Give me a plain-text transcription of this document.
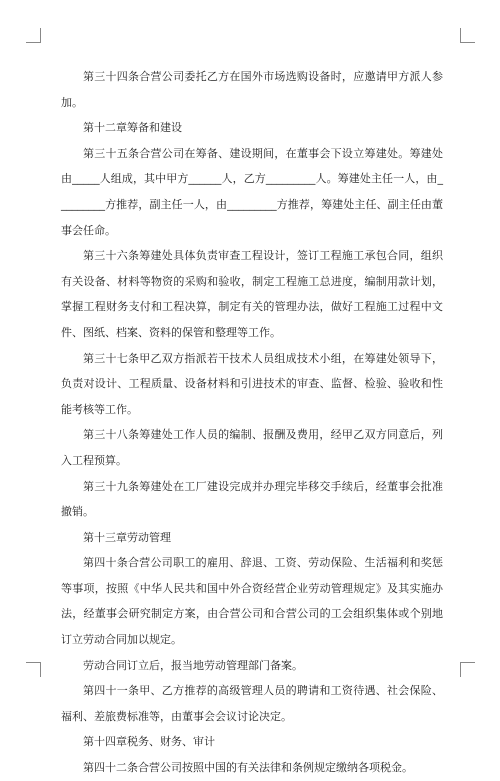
第三十四条合营公司委托乙方在国外市场选购设备时，应邀请甲方派人参加。

第十二章筹备和建设

第三十五条合营公司在筹备、建设期间，在董事会下设立筹建处。筹建处由_____人组成，其中甲方______人，乙方_________人。筹建处主任一人，由_________方推荐，副主任一人，由_________方推荐，筹建处主任、副主任由董事会任命。

第三十六条筹建处具体负责审查工程设计，签订工程施工承包合同，组织有关设备、材料等物资的采购和验收，制定工程施工总进度，编制用款计划，掌握工程财务支付和工程决算，制定有关的管理办法，做好工程施工过程中文件、图纸、档案、资料的保管和整理等工作。

第三十七条甲乙双方指派若干技术人员组成技术小组，在筹建处领导下，负责对设计、工程质量、设备材料和引进技术的审查、监督、检验、验收和性能考核等工作。

第三十八条筹建处工作人员的编制、报酬及费用，经甲乙双方同意后，列入工程预算。

第三十九条筹建处在工厂建设完成并办理完毕移交手续后，经董事会批准撤销。

第十三章劳动管理

第四十条合营公司职工的雇用、辞退、工资、劳动保险、生活福利和奖惩等事项，按照《中华人民共和国中外合资经营企业劳动管理规定》及其实施办法，经董事会研究制定方案，由合营公司和合营公司的工会组织集体或个别地订立劳动合同加以规定。

劳动合同订立后，报当地劳动管理部门备案。

第四十一条甲、乙方推荐的高级管理人员的聘请和工资待遇、社会保险、福利、差旅费标准等，由董事会会议讨论决定。

第十四章税务、财务、审计

第四十二条合营公司按照中国的有关法律和条例规定缴纳各项税金。
